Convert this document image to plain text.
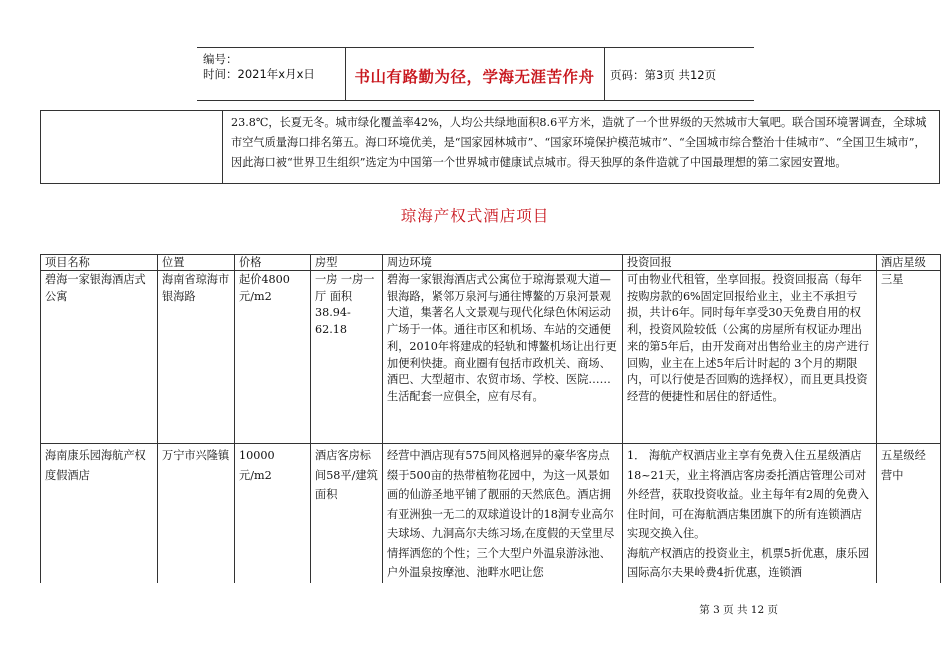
编号：
时间：2021年x月x日	书山有路勤为径，学海无涯苦作舟	页码：第3页 共12页
23.8℃，长夏无冬。城市绿化覆盖率42%，人均公共绿地面积8.6平方米，造就了一个世界级的天然城市大氧吧。联合国环境署调查，全球城市空气质量海口排名第五。海口环境优美，是“国家园林城市”、“国家环境保护模范城市”、“全国城市综合整治十佳城市”、“全国卫生城市”，因此海口被“世界卫生组织”选定为中国第一个世界城市健康试点城市。得天独厚的条件造就了中国最理想的第二家园安置地。
琼海产权式酒店项目
项目名称	位置	价格	房型	周边环境	投资回报	酒店星级
碧海一家银海酒店式公寓	海南省琼海市银海路	起价4800元/m2	一房 一房一厅 面积38.94-62.18	碧海一家银海酒店式公寓位于琼海景观大道—银海路，紧邻万泉河与通往博鳌的万泉河景观大道，集著名人文景观与现代化绿色休闲运动广场于一体。通往市区和机场、车站的交通便利，2010年将建成的轻轨和博鳌机场让出行更加便利快捷。商业圈有包括市政机关、商场、酒巴、大型超市、农贸市场、学校、医院……生活配套一应俱全，应有尽有。	可由物业代租管，坐享回报。投资回报高（每年按购房款的6%固定回报给业主，业主不承担亏损，共计6年。同时每年享受30天免费自用的权利，投资风险较低（公寓的房屋所有权证办理出来的第5年后，由开发商对出售给业主的房产进行回购，业主在上述5年后计时起的 3个月的期限内，可以行使是否回购的选择权），而且更具投资经营的便捷性和居住的舒适性。	三星
海南康乐园海航产权度假酒店	万宁市兴隆镇	10000元/m2	酒店客房标间58平/建筑面积	经营中酒店现有575间风格迥异的豪华客房点缀于500亩的热带植物花园中，为这一风景如画的仙游圣地平铺了靓丽的天然底色。酒店拥有亚洲独一无二的双球道设计的18洞专业高尔夫球场、九洞高尔夫练习场,在度假的天堂里尽情挥洒您的个性；三个大型户外温泉游泳池、户外温泉按摩池、池畔水吧让您	1． 海航产权酒店业主享有免费入住五星级酒店18~21天，业主将酒店客房委托酒店管理公司对外经营，获取投资收益。业主每年有2周的免费入住时间，可在海航酒店集团旗下的所有连锁酒店实现交换入住。
海航产权酒店的投资业主，机票5折优惠，康乐园国际高尔夫果岭费4折优惠，连锁酒	五星级经营中
第 3 页 共 12 页
